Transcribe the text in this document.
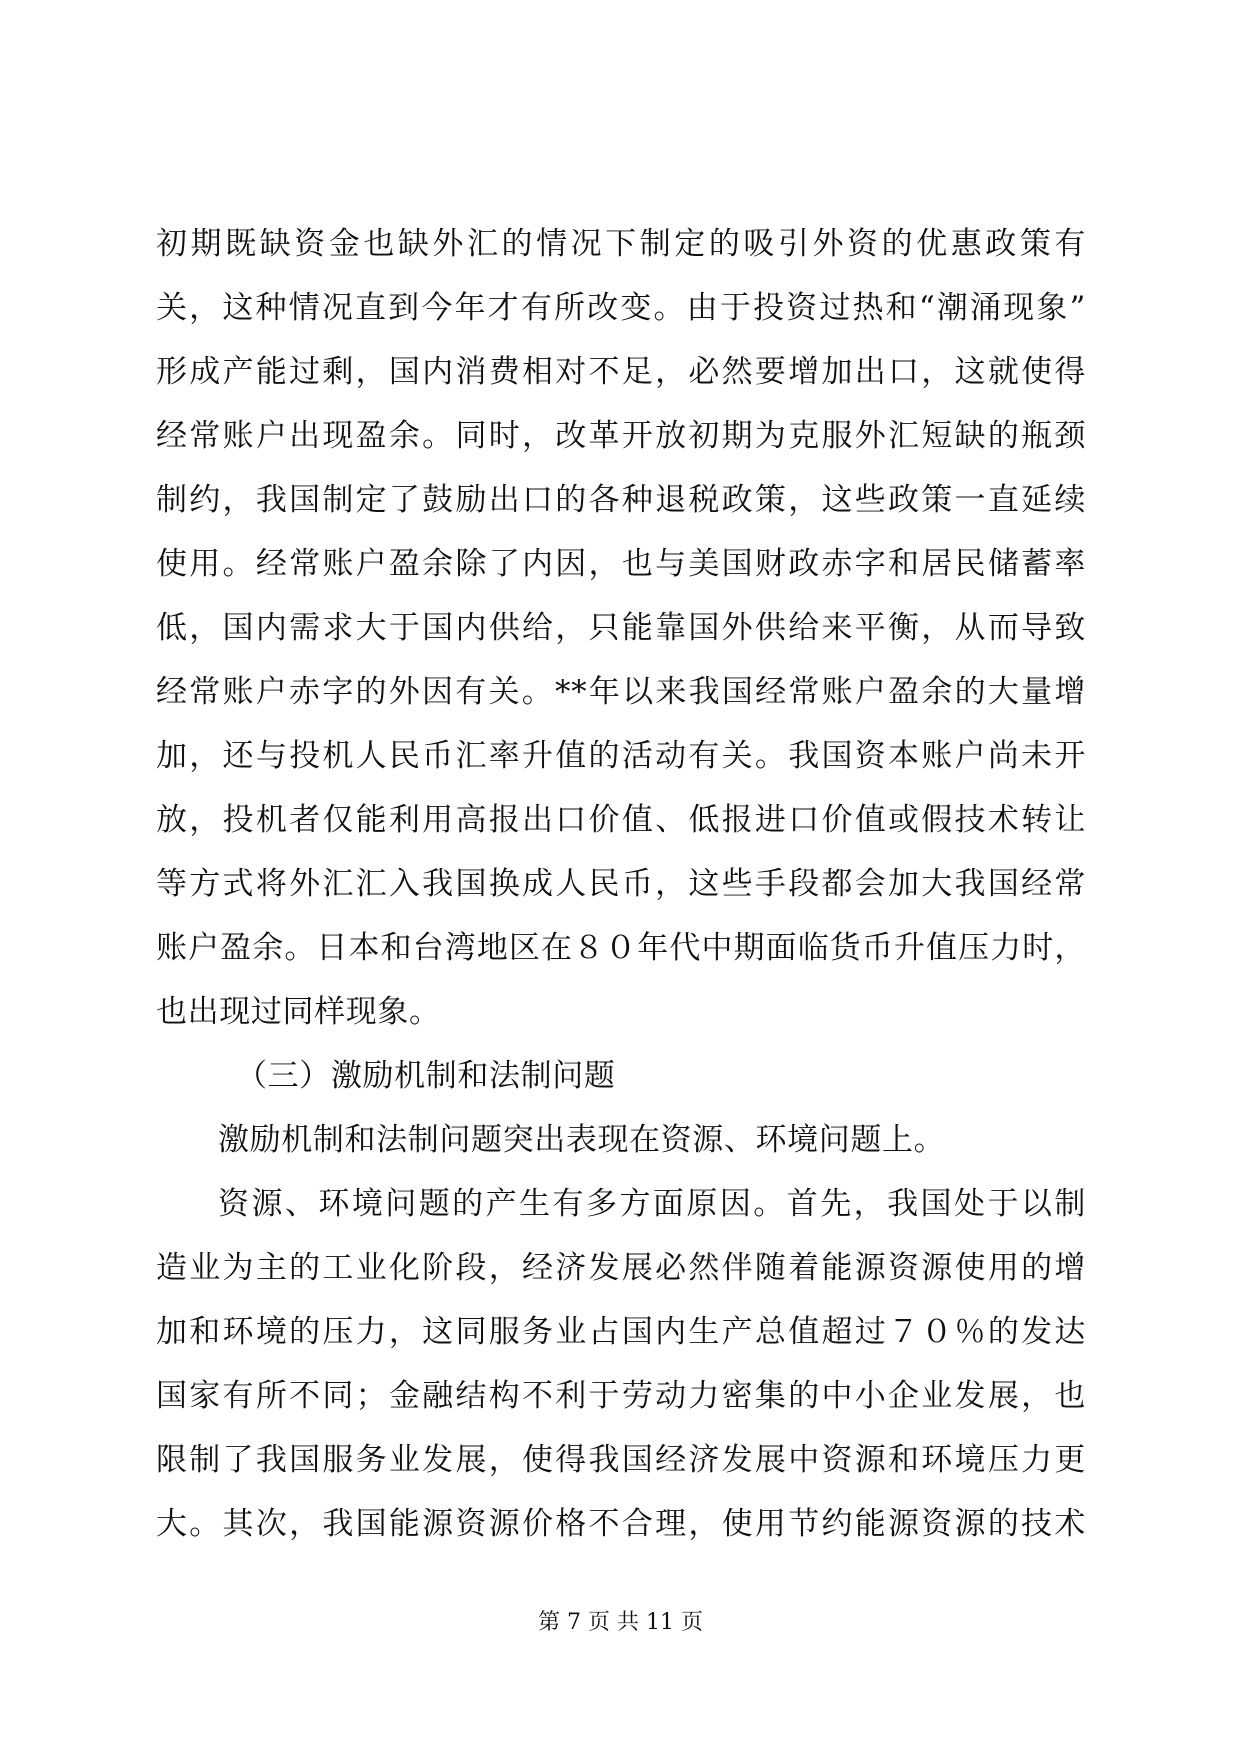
初期既缺资金也缺外汇的情况下制定的吸引外资的优惠政策有
关，这种情况直到今年才有所改变。由于投资过热和“潮涌现象”
形成产能过剩，国内消费相对不足，必然要增加出口，这就使得
经常账户出现盈余。同时，改革开放初期为克服外汇短缺的瓶颈
制约，我国制定了鼓励出口的各种退税政策，这些政策一直延续
使用。经常账户盈余除了内因，也与美国财政赤字和居民储蓄率
低，国内需求大于国内供给，只能靠国外供给来平衡，从而导致
经常账户赤字的外因有关。**年以来我国经常账户盈余的大量增
加，还与投机人民币汇率升值的活动有关。我国资本账户尚未开
放，投机者仅能利用高报出口价值、低报进口价值或假技术转让
等方式将外汇汇入我国换成人民币，这些手段都会加大我国经常
账户盈余。日本和台湾地区在８０年代中期面临货币升值压力时，
也出现过同样现象。
（三）激励机制和法制问题
激励机制和法制问题突出表现在资源、环境问题上。
资源、环境问题的产生有多方面原因。首先，我国处于以制
造业为主的工业化阶段，经济发展必然伴随着能源资源使用的增
加和环境的压力，这同服务业占国内生产总值超过７０％的发达
国家有所不同；金融结构不利于劳动力密集的中小企业发展，也
限制了我国服务业发展，使得我国经济发展中资源和环境压力更
大。其次，我国能源资源价格不合理，使用节约能源资源的技术
第 7 页 共 11 页
